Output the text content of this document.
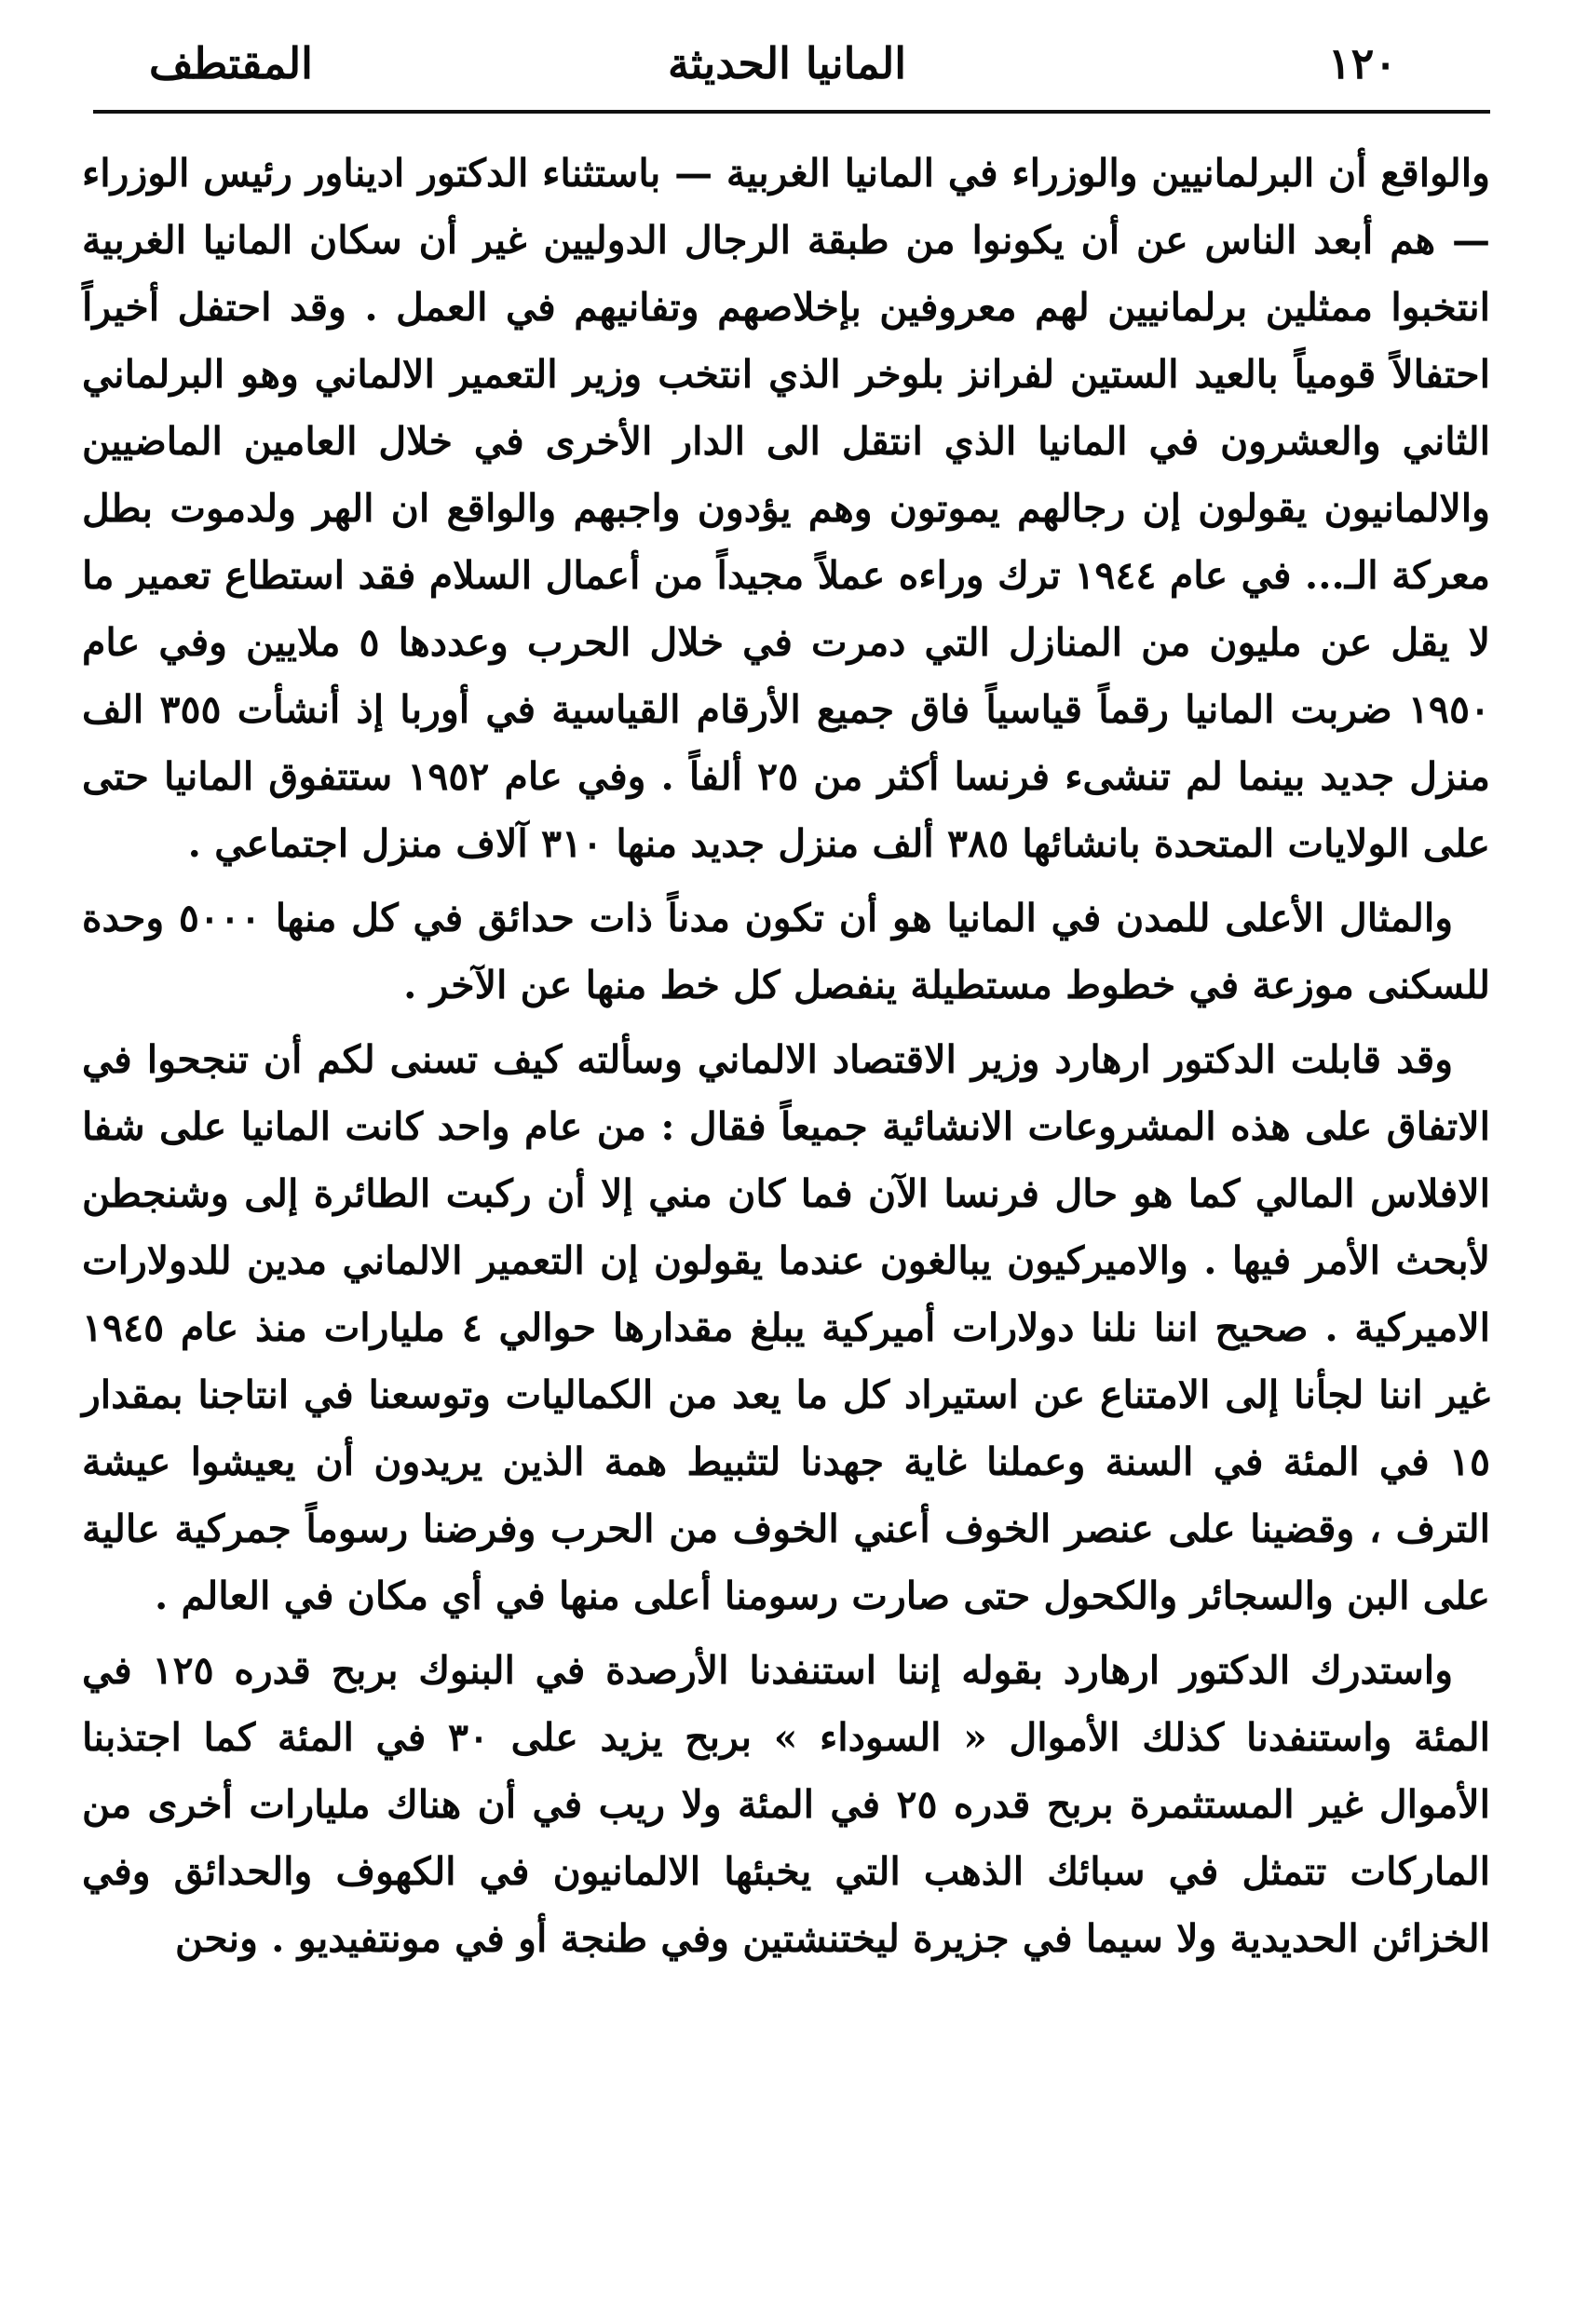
١٢٠
المانيا الحديثة
المقتطف

والواقع أن البرلمانيين والوزراء في المانيا الغربية — باستثناء الدكتور اديناور رئيس الوزراء — هم أبعد الناس عن أن يكونوا من طبقة الرجال الدوليين غير أن سكان المانيا الغربية انتخبوا ممثلين برلمانيين لهم معروفين بإخلاصهم وتفانيهم في العمل . وقد احتفل أخيراً احتفالاً قومياً بالعيد الستين لفرانز بلوخر الذي انتخب وزير التعمير الالماني وهو البرلماني الثاني والعشرون في المانيا الذي انتقل الى الدار الأخرى في خلال العامين الماضيين والالمانيون يقولون إن رجالهم يموتون وهم يؤدون واجبهم والواقع ان الهر ولدموت بطل معركة الـ... في عام ١٩٤٤ ترك وراءه عملاً مجيداً من أعمال السلام فقد استطاع تعمير ما لا يقل عن مليون من المنازل التي دمرت في خلال الحرب وعددها ٥ ملايين وفي عام ١٩٥٠ ضربت المانيا رقماً قياسياً فاق جميع الأرقام القياسية في أوربا إذ أنشأت ٣٥٥ الف منزل جديد بينما لم تنشىء فرنسا أكثر من ٢٥ ألفاً . وفي عام ١٩٥٢ ستتفوق المانيا حتى على الولايات المتحدة بانشائها ٣٨٥ ألف منزل جديد منها ٣١٠ آلاف منزل اجتماعي .

والمثال الأعلى للمدن في المانيا هو أن تكون مدناً ذات حدائق في كل منها ٥٠٠٠ وحدة للسكنى موزعة في خطوط مستطيلة ينفصل كل خط منها عن الآخر .

وقد قابلت الدكتور ارهارد وزير الاقتصاد الالماني وسألته كيف تسنى لكم أن تنجحوا في الاتفاق على هذه المشروعات الانشائية جميعاً فقال : من عام واحد كانت المانيا على شفا الافلاس المالي كما هو حال فرنسا الآن فما كان مني إلا أن ركبت الطائرة إلى وشنجطن لأبحث الأمر فيها . والاميركيون يبالغون عندما يقولون إن التعمير الالماني مدين للدولارات الاميركية . صحيح اننا نلنا دولارات أميركية يبلغ مقدارها حوالي ٤ مليارات منذ عام ١٩٤٥ غير اننا لجأنا إلى الامتناع عن استيراد كل ما يعد من الكماليات وتوسعنا في انتاجنا بمقدار ١٥ في المئة في السنة وعملنا غاية جهدنا لتثبيط همة الذين يريدون أن يعيشوا عيشة الترف ، وقضينا على عنصر الخوف أعني الخوف من الحرب وفرضنا رسوماً جمركية عالية على البن والسجائر والكحول حتى صارت رسومنا أعلى منها في أي مكان في العالم .

واستدرك الدكتور ارهارد بقوله إننا استنفدنا الأرصدة في البنوك بربح قدره ١٢٥ في المئة واستنفدنا كذلك الأموال « السوداء » بربح يزيد على ٣٠ في المئة كما اجتذبنا الأموال غير المستثمرة بربح قدره ٢٥ في المئة ولا ريب في أن هناك مليارات أخرى من الماركات تتمثل في سبائك الذهب التي يخبئها الالمانيون في الكهوف والحدائق وفي الخزائن الحديدية ولا سيما في جزيرة ليختنشتين وفي طنجة أو في مونتفيديو . ونحن
